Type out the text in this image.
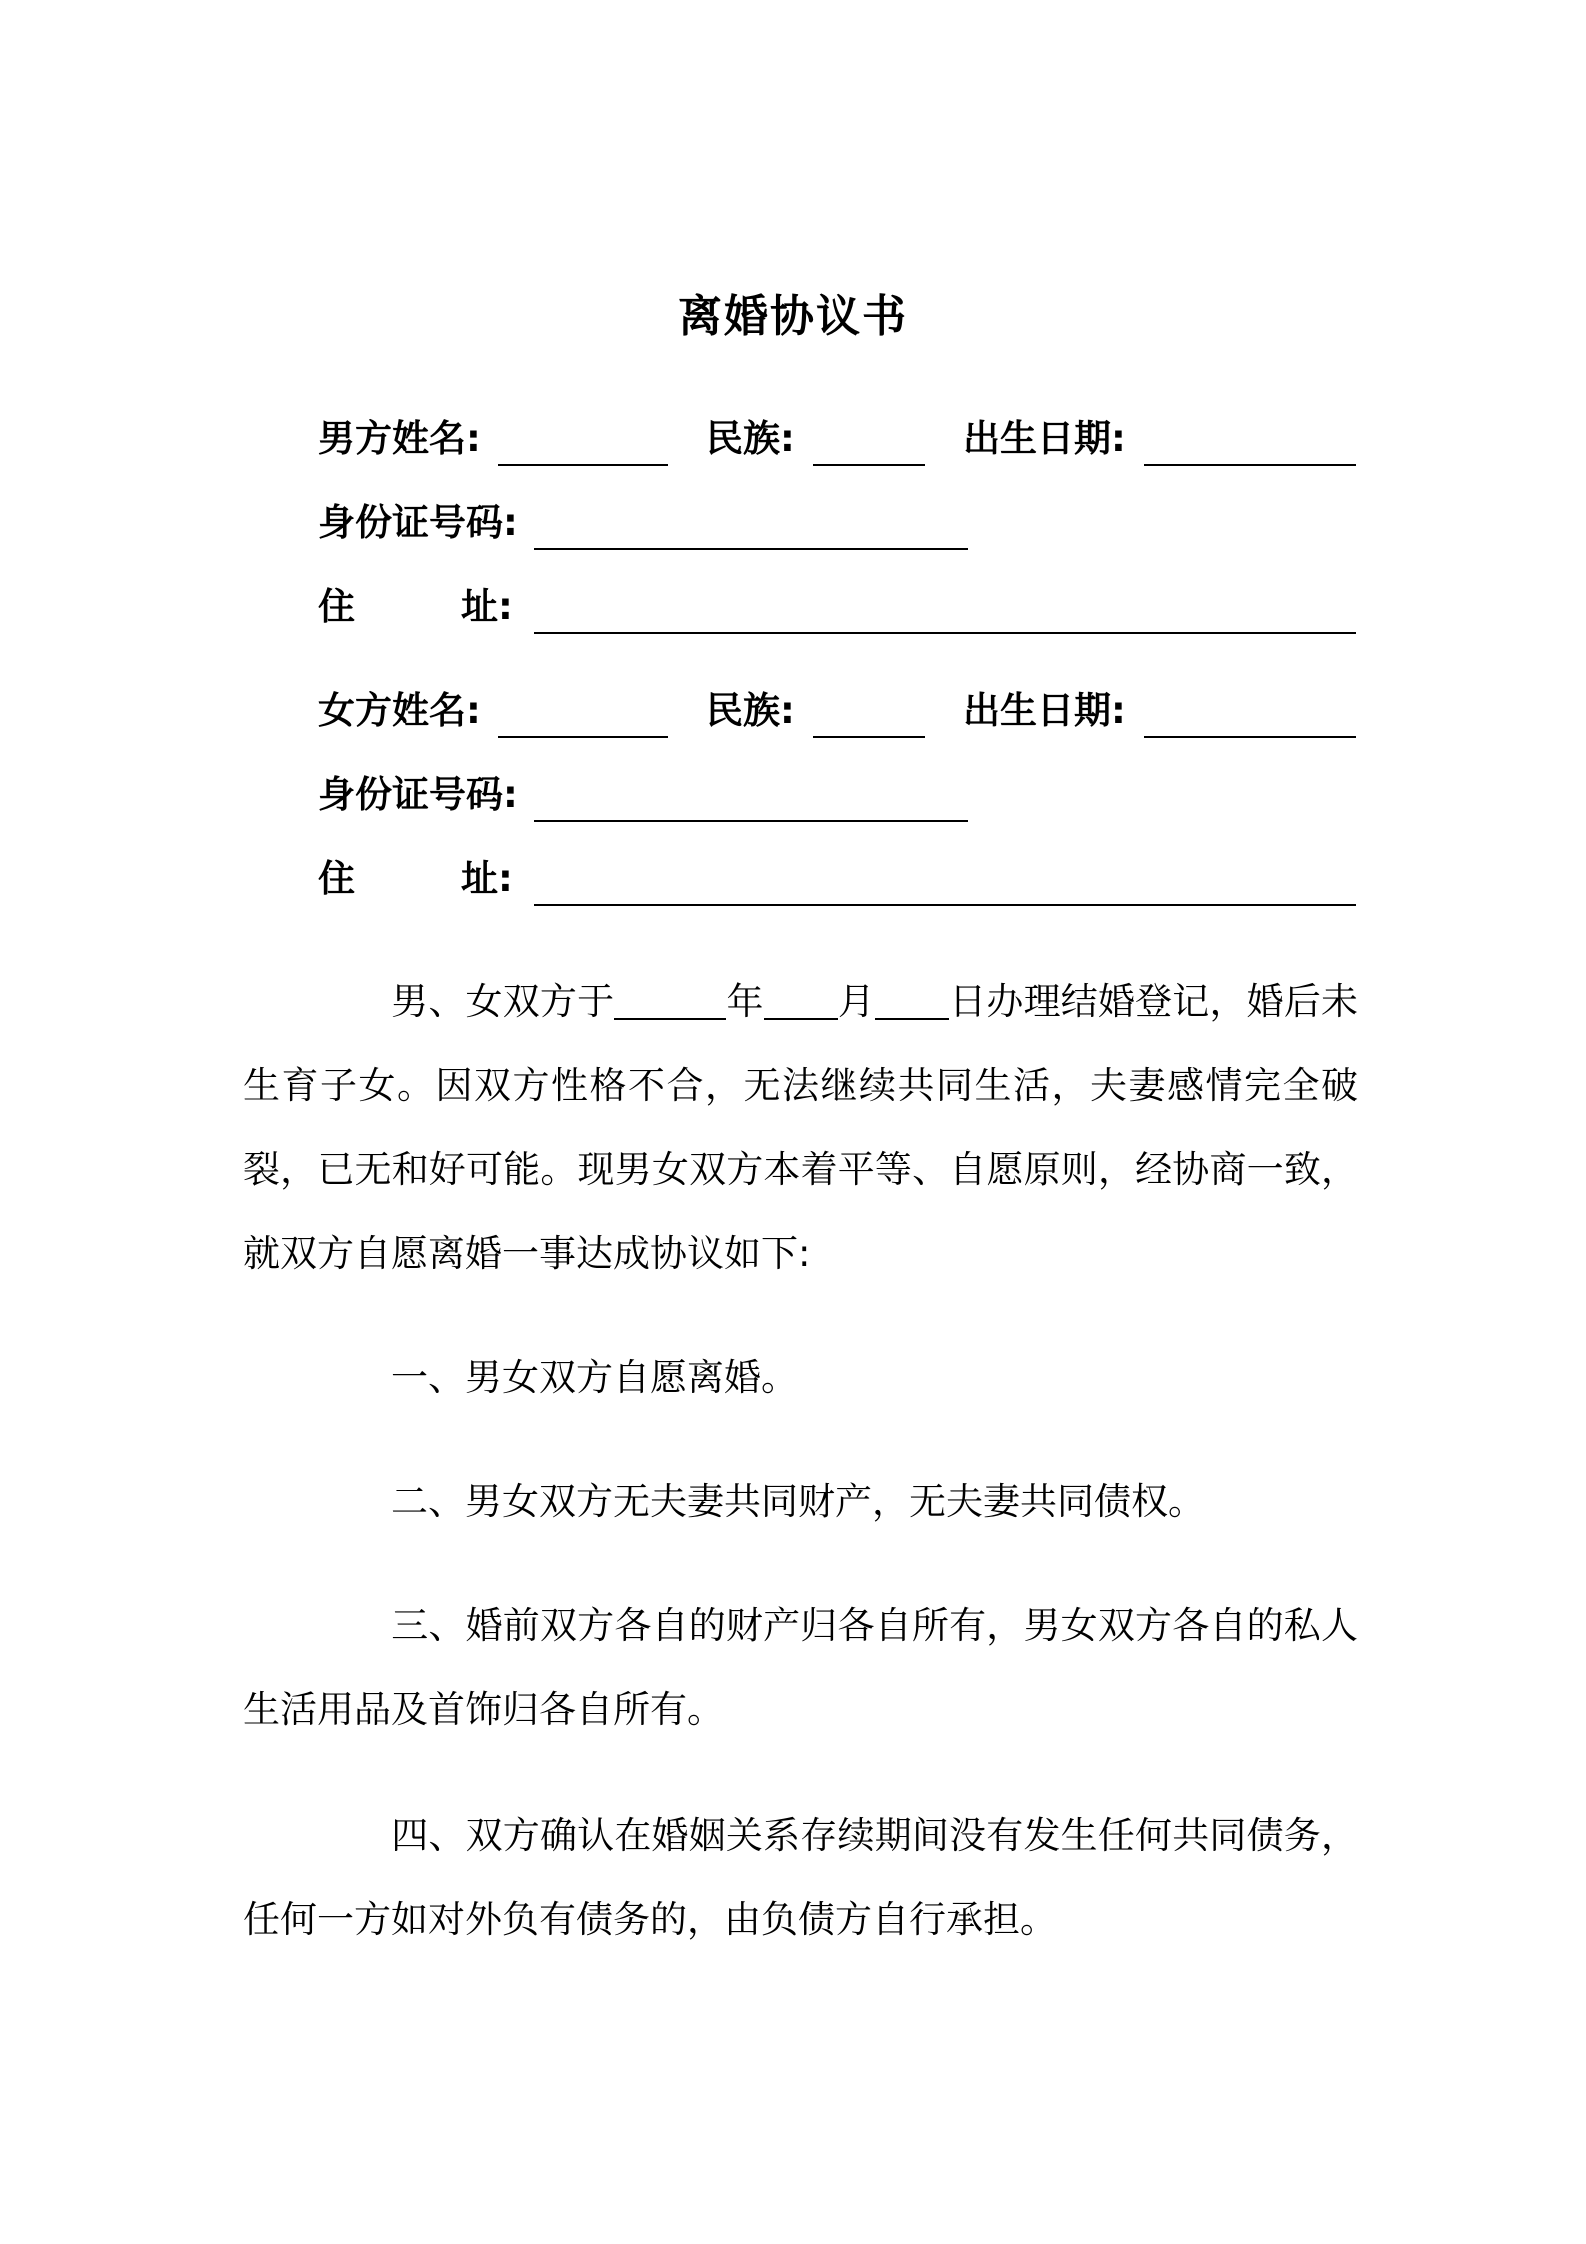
离婚协议书
男方姓名:	民族:	出生日期:
身份证号码:
住	址:
女方姓名:	民族:	出生日期:
身份证号码:
住	址:
男、女双方于	年 月 日办理结婚登记，婚后未生育子女。因双方性格不合，无法继续共同生活，夫妻感情完全破裂，已无和好可能。现男女双方本着平等、自愿原则，经协商一致，就双方自愿离婚一事达成协议如下:
一、男女双方自愿离婚。
二、男女双方无夫妻共同财产，无夫妻共同债权。
三、婚前双方各自的财产归各自所有，男女双方各自的私人生活用品及首饰归各自所有。
四、双方确认在婚姻关系存续期间没有发生任何共同债务，任何一方如对外负有债务的，由负债方自行承担。
